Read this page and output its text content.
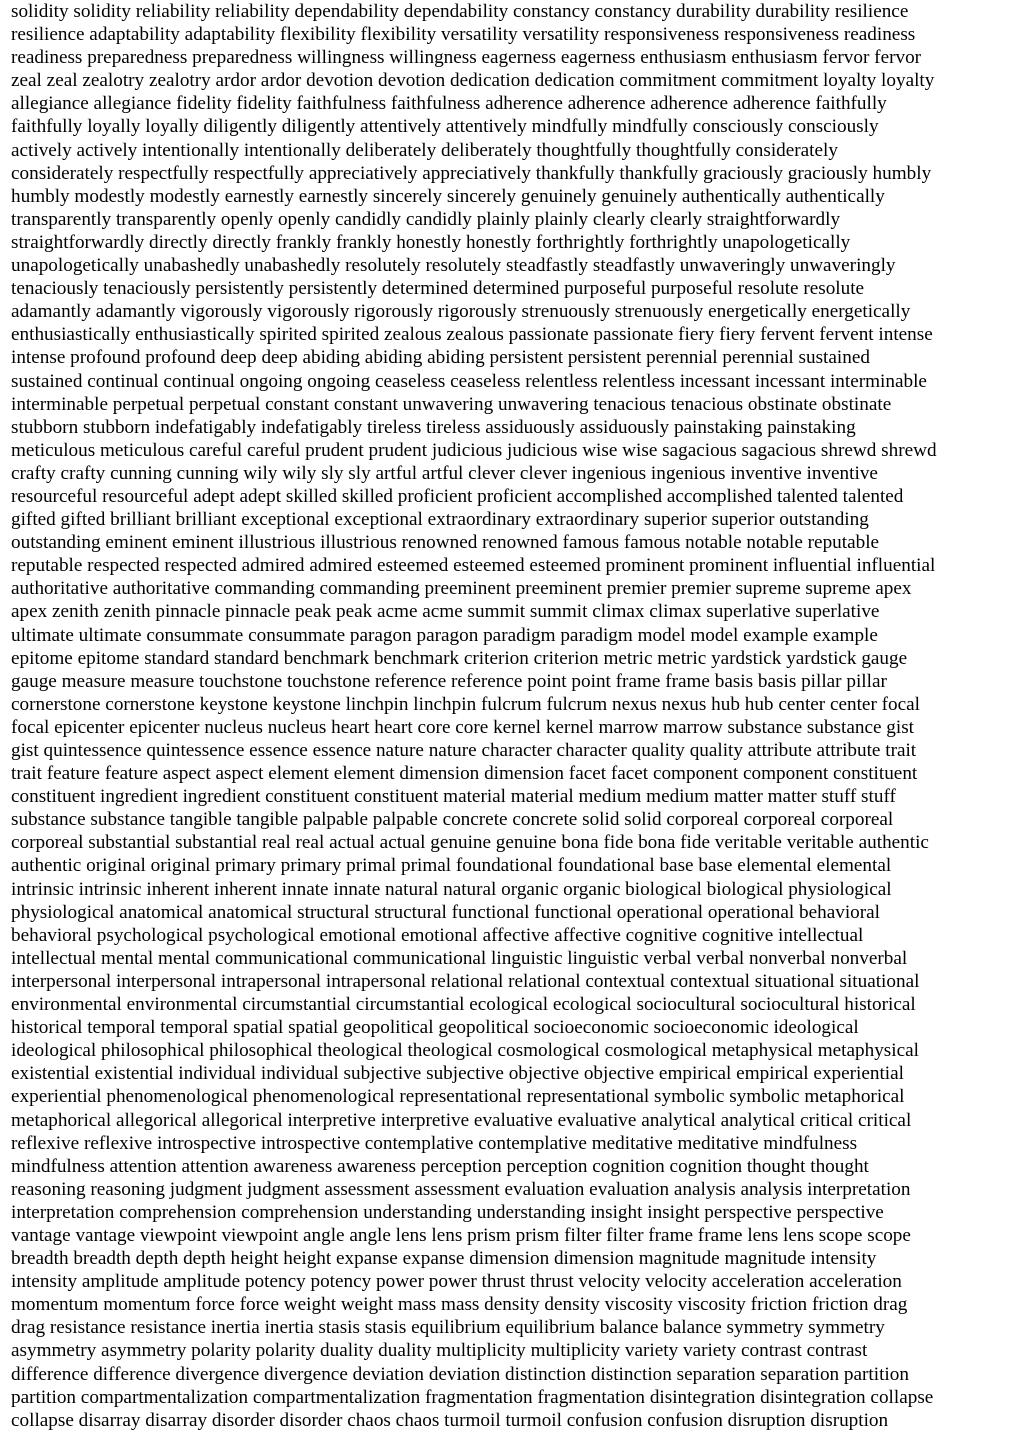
solidity solidity reliability reliability dependability dependability constancy constancy durability durability resilience
resilience adaptability adaptability flexibility flexibility versatility versatility responsiveness responsiveness readiness
readiness preparedness preparedness willingness willingness eagerness eagerness enthusiasm enthusiasm fervor fervor
zeal zeal zealotry zealotry ardor ardor devotion devotion dedication dedication commitment commitment loyalty loyalty
allegiance allegiance fidelity fidelity faithfulness faithfulness adherence adherence adherence adherence faithfully
faithfully loyally loyally diligently diligently attentively attentively mindfully mindfully consciously consciously
actively actively intentionally intentionally deliberately deliberately thoughtfully thoughtfully considerately
considerately respectfully respectfully appreciatively appreciatively thankfully thankfully graciously graciously humbly
humbly modestly modestly earnestly earnestly sincerely sincerely genuinely genuinely authentically authentically
transparently transparently openly openly candidly candidly plainly plainly clearly clearly straightforwardly
straightforwardly directly directly frankly frankly honestly honestly forthrightly forthrightly unapologetically
unapologetically unabashedly unabashedly resolutely resolutely steadfastly steadfastly unwaveringly unwaveringly
tenaciously tenaciously persistently persistently determined determined purposeful purposeful resolute resolute
adamantly adamantly vigorously vigorously rigorously rigorously strenuously strenuously energetically energetically
enthusiastically enthusiastically spirited spirited zealous zealous passionate passionate fiery fiery fervent fervent intense
intense profound profound deep deep abiding abiding abiding persistent persistent perennial perennial sustained
sustained continual continual ongoing ongoing ceaseless ceaseless relentless relentless incessant incessant interminable
interminable perpetual perpetual constant constant unwavering unwavering tenacious tenacious obstinate obstinate
stubborn stubborn indefatigably indefatigably tireless tireless assiduously assiduously painstaking painstaking
meticulous meticulous careful careful prudent prudent judicious judicious wise wise sagacious sagacious shrewd shrewd
crafty crafty cunning cunning wily wily sly sly artful artful clever clever ingenious ingenious inventive inventive
resourceful resourceful adept adept skilled skilled proficient proficient accomplished accomplished talented talented
gifted gifted brilliant brilliant exceptional exceptional extraordinary extraordinary superior superior outstanding
outstanding eminent eminent illustrious illustrious renowned renowned famous famous notable notable reputable
reputable respected respected admired admired esteemed esteemed esteemed prominent prominent influential influential
authoritative authoritative commanding commanding preeminent preeminent premier premier supreme supreme apex
apex zenith zenith pinnacle pinnacle peak peak acme acme summit summit climax climax superlative superlative
ultimate ultimate consummate consummate paragon paragon paradigm paradigm model model example example
epitome epitome standard standard benchmark benchmark criterion criterion metric metric yardstick yardstick gauge
gauge measure measure touchstone touchstone reference reference point point frame frame basis basis pillar pillar
cornerstone cornerstone keystone keystone linchpin linchpin fulcrum fulcrum nexus nexus hub hub center center focal
focal epicenter epicenter nucleus nucleus heart heart core core kernel kernel marrow marrow substance substance gist
gist quintessence quintessence essence essence nature nature character character quality quality attribute attribute trait
trait feature feature aspect aspect element element dimension dimension facet facet component component constituent
constituent ingredient ingredient constituent constituent material material medium medium matter matter stuff stuff
substance substance tangible tangible palpable palpable concrete concrete solid solid corporeal corporeal corporeal
corporeal substantial substantial real real actual actual genuine genuine bona fide bona fide veritable veritable authentic
authentic original original primary primary primal primal foundational foundational base base elemental elemental
intrinsic intrinsic inherent inherent innate innate natural natural organic organic biological biological physiological
physiological anatomical anatomical structural structural functional functional operational operational behavioral
behavioral psychological psychological emotional emotional affective affective cognitive cognitive intellectual
intellectual mental mental communicational communicational linguistic linguistic verbal verbal nonverbal nonverbal
interpersonal interpersonal intrapersonal intrapersonal relational relational contextual contextual situational situational
environmental environmental circumstantial circumstantial ecological ecological sociocultural sociocultural historical
historical temporal temporal spatial spatial geopolitical geopolitical socioeconomic socioeconomic ideological
ideological philosophical philosophical theological theological cosmological cosmological metaphysical metaphysical
existential existential individual individual subjective subjective objective objective empirical empirical experiential
experiential phenomenological phenomenological representational representational symbolic symbolic metaphorical
metaphorical allegorical allegorical interpretive interpretive evaluative evaluative analytical analytical critical critical
reflexive reflexive introspective introspective contemplative contemplative meditative meditative mindfulness
mindfulness attention attention awareness awareness perception perception cognition cognition thought thought
reasoning reasoning judgment judgment assessment assessment evaluation evaluation analysis analysis interpretation
interpretation comprehension comprehension understanding understanding insight insight perspective perspective
vantage vantage viewpoint viewpoint angle angle lens lens prism prism filter filter frame frame lens lens scope scope
breadth breadth depth depth height height expanse expanse dimension dimension magnitude magnitude intensity
intensity amplitude amplitude potency potency power power thrust thrust velocity velocity acceleration acceleration
momentum momentum force force weight weight mass mass density density viscosity viscosity friction friction drag
drag resistance resistance inertia inertia stasis stasis equilibrium equilibrium balance balance symmetry symmetry
asymmetry asymmetry polarity polarity duality duality multiplicity multiplicity variety variety contrast contrast
difference difference divergence divergence deviation deviation distinction distinction separation separation partition
partition compartmentalization compartmentalization fragmentation fragmentation disintegration disintegration collapse
collapse disarray disarray disorder disorder chaos chaos turmoil turmoil confusion confusion disruption disruption
